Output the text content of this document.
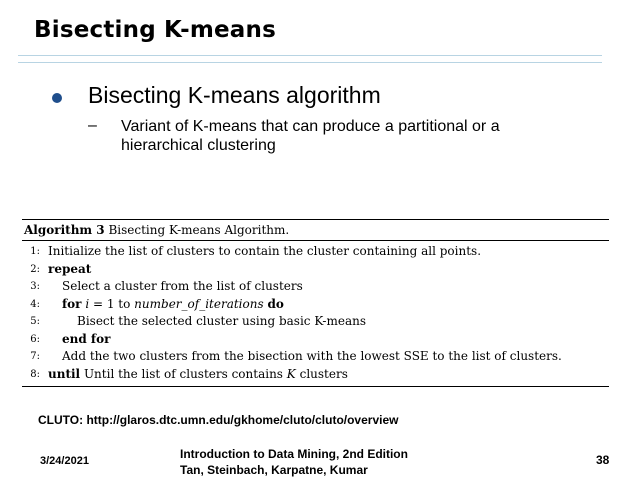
Bisecting K-means
Bisecting K-means algorithm
– Variant of K-means that can produce a partitional or a hierarchical clustering
Algorithm 3 Bisecting K-means Algorithm.
1: Initialize the list of clusters to contain the cluster containing all points.
2: repeat
3: Select a cluster from the list of clusters
4: for i = 1 to number_of_iterations do
5:	Bisect the selected cluster using basic K-means
6: end for
7: Add the two clusters from the bisection with the lowest SSE to the list of clusters.
8: until Until the list of clusters contains K clusters
CLUTO: http://glaros.dtc.umn.edu/gkhome/cluto/cluto/overview
3/24/2021	Introduction to Data Mining, 2nd Edition
Tan, Steinbach, Karpatne, Kumar
38
